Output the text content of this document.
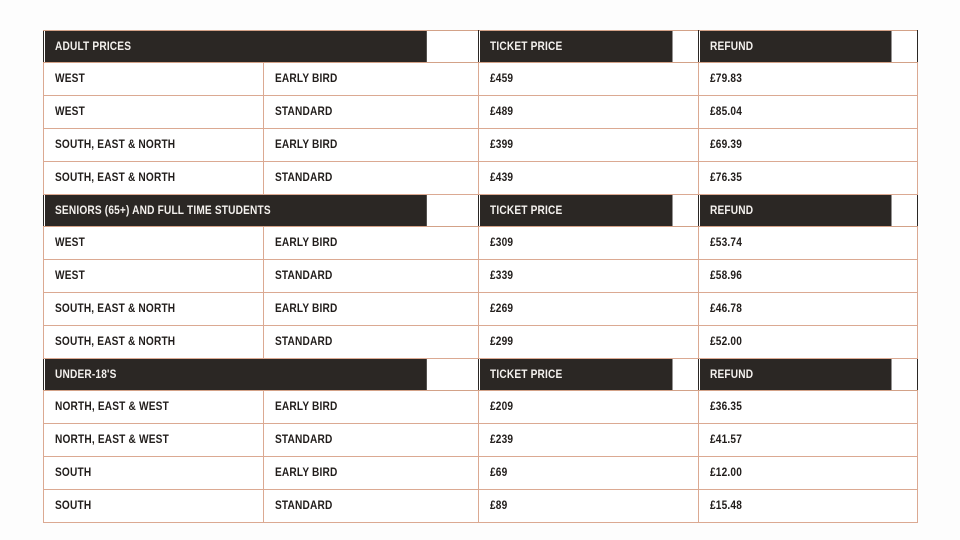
ADULT PRICES		TICKET PRICE	REFUND
WEST	EARLY BIRD	£459	£79.83
WEST	STANDARD	£489	£85.04
SOUTH, EAST & NORTH	EARLY BIRD	£399	£69.39
SOUTH, EAST & NORTH	STANDARD	£439	£76.35
SENIORS (65+) AND FULL TIME STUDENTS		TICKET PRICE	REFUND
WEST	EARLY BIRD	£309	£53.74
WEST	STANDARD	£339	£58.96
SOUTH, EAST & NORTH	EARLY BIRD	£269	£46.78
SOUTH, EAST & NORTH	STANDARD	£299	£52.00
UNDER-18'S		TICKET PRICE	REFUND
NORTH, EAST & WEST	EARLY BIRD	£209	£36.35
NORTH, EAST & WEST	STANDARD	£239	£41.57
SOUTH	EARLY BIRD	£69	£12.00
SOUTH	STANDARD	£89	£15.48
